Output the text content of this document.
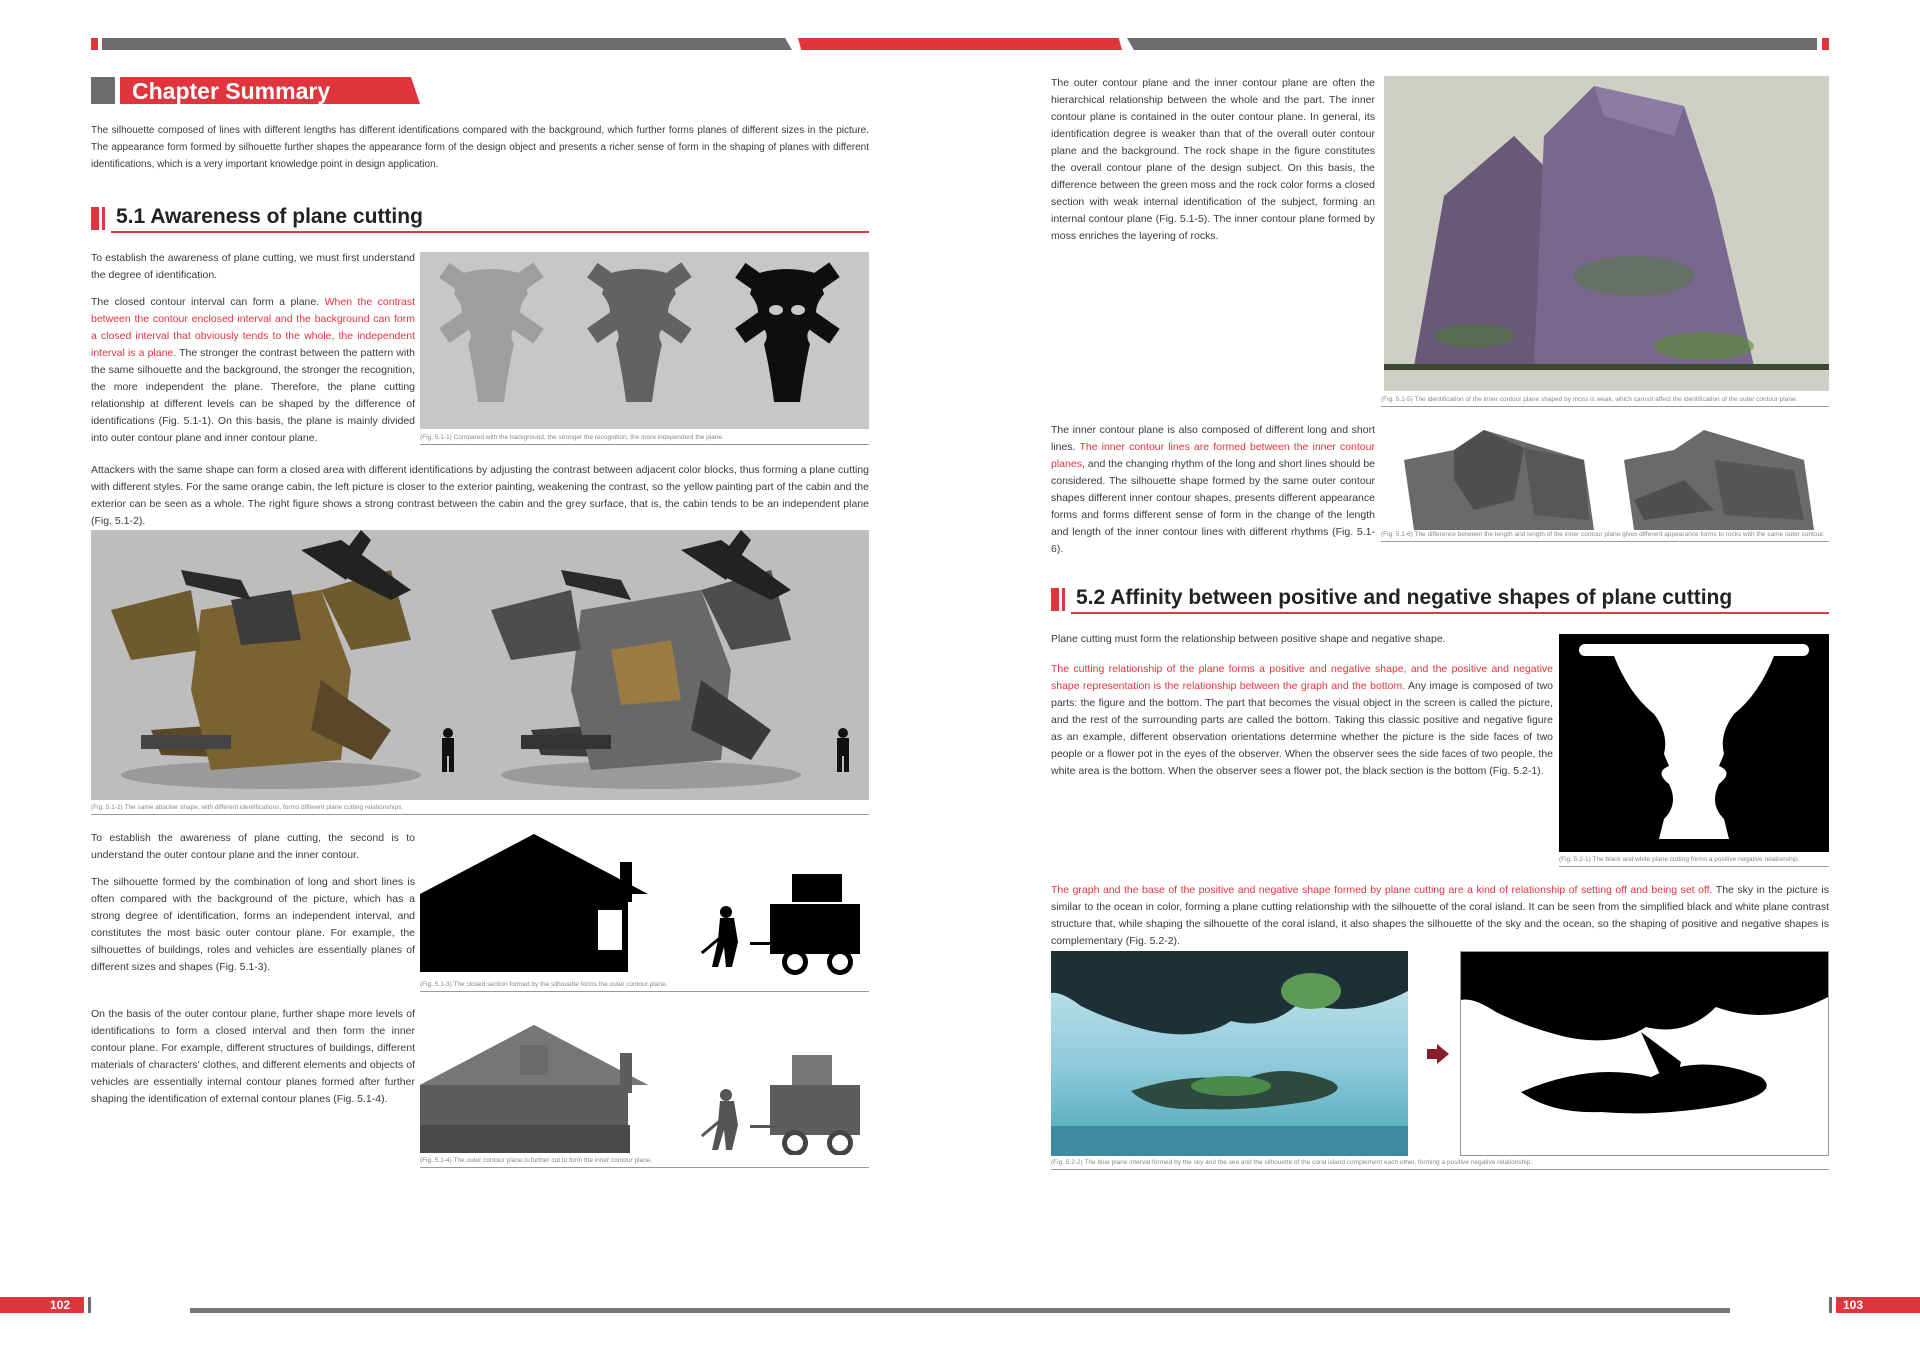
Chapter Summary
The silhouette composed of lines with different lengths has different identifications compared with the background, which further forms planes of different sizes in the picture. The appearance form formed by silhouette further shapes the appearance form of the design object and presents a richer sense of form in the shaping of planes with different identifications, which is a very important knowledge point in design application.
5.1 Awareness of plane cutting
To establish the awareness of plane cutting, we must first understand the degree of identification.
The closed contour interval can form a plane. When the contrast between the contour enclosed interval and the background can form a closed interval that obviously tends to the whole, the independent interval is a plane. The stronger the contrast between the pattern with the same silhouette and the background, the stronger the recognition, the more independent the plane. Therefore, the plane cutting relationship at different levels can be shaped by the difference of identifications (Fig. 5.1-1). On this basis, the plane is mainly divided into outer contour plane and inner contour plane.	(Fig. 5.1-1) Compared with the background, the stronger the recognition, the more independent the plane.
Attackers with the same shape can form a closed area with different identifications by adjusting the contrast between adjacent color blocks, thus forming a plane cutting with different styles. For the same orange cabin, the left picture is closer to the exterior painting, weakening the contrast, so the yellow painting part of the cabin and the exterior can be seen as a whole. The right figure shows a strong contrast between the cabin and the grey surface, that is, the cabin tends to be an independent plane (Fig. 5.1-2).
(Fig. 5.1-2) The same attacker shape, with different identifications, forms different plane cutting relationships.
To establish the awareness of plane cutting, the second is to understand the outer contour plane and the inner contour.
The silhouette formed by the combination of long and short lines is often compared with the background of the picture, which has a strong degree of identification, forms an independent interval, and constitutes the most basic outer contour plane. For example, the silhouettes of buildings, roles and vehicles are essentially planes of different sizes and shapes (Fig. 5.1-3).
(Fig. 5.1-3) The closed section formed by the silhouette forms the outer contour plane.
On the basis of the outer contour plane, further shape more levels of identifications to form a closed interval and then form the inner contour plane. For example, different structures of buildings, different materials of characters' clothes, and different elements and objects of vehicles are essentially internal contour planes formed after further shaping the identification of external contour planes (Fig. 5.1-4).
(Fig. 5.1-4) The outer contour plane is further cut to form the inner contour plane.
The outer contour plane and the inner contour plane are often the hierarchical relationship between the whole and the part. The inner contour plane is contained in the outer contour plane. In general, its identification degree is weaker than that of the overall outer contour plane and the background. The rock shape in the figure constitutes the overall contour plane of the design subject. On this basis, the difference between the green moss and the rock color forms a closed section with weak internal identification of the subject, forming an internal contour plane (Fig. 5.1-5). The inner contour plane formed by moss enriches the layering of rocks.
(Fig. 5.1-5) The identification of the inner contour plane shaped by moss is weak, which cannot affect the identification of the outer contour plane.
The inner contour plane is also composed of different long and short lines. The inner contour lines are formed between the inner contour planes, and the changing rhythm of the long and short lines should be considered. The silhouette shape formed by the same outer contour shapes different inner contour shapes, presents different appearance forms and forms different sense of form in the change of the length and length of the inner contour lines with different rhythms (Fig. 5.1-6).
(Fig. 5.1-6) The difference between the length and length of the inner contour plane gives different appearance forms to rocks with the same outer contour.
5.2 Affinity between positive and negative shapes of plane cutting
Plane cutting must form the relationship between positive shape and negative shape.
The cutting relationship of the plane forms a positive and negative shape, and the positive and negative shape representation is the relationship between the graph and the bottom. Any image is composed of two parts: the figure and the bottom. The part that becomes the visual object in the screen is called the picture, and the rest of the surrounding parts are called the bottom. Taking this classic positive and negative figure as an example, different observation orientations determine whether the picture is the side faces of two people or a flower pot in the eyes of the observer. When the observer sees the side faces of two people, the white area is the bottom. When the observer sees a flower pot, the black section is the bottom (Fig. 5.2-1).
(Fig. 5.2-1) The black and white plane cutting forms a positive negative relationship.
The graph and the base of the positive and negative shape formed by plane cutting are a kind of relationship of setting off and being set off. The sky in the picture is similar to the ocean in color, forming a plane cutting relationship with the silhouette of the coral island. It can be seen from the simplified black and white plane contrast structure that, while shaping the silhouette of the coral island, it also shapes the silhouette of the sky and the ocean, so the shaping of positive and negative shapes is complementary (Fig. 5.2-2).
(Fig. 5.2-2) The blue plane interval formed by the sky and the sea and the silhouette of the coral island complement each other, forming a positive negative relationship.
102	103
